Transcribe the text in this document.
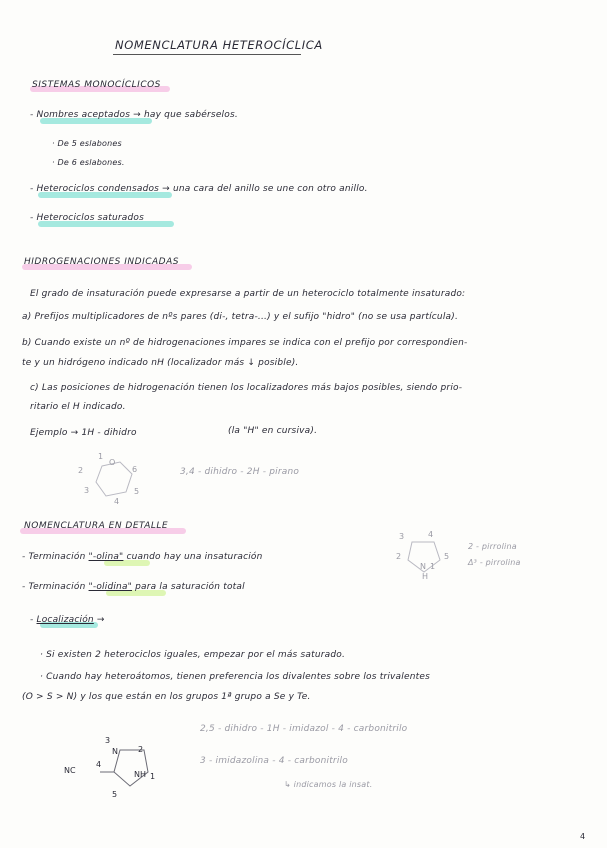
NOMENCLATURA HETEROCÍCLICA
SISTEMAS MONOCÍCLICOS
- Nombres aceptados → hay que sabérselos.
· De 5 eslabones
· De 6 eslabones.
- Heterociclos condensados → una cara del anillo se une con otro anillo.
- Heterociclos saturados
HIDROGENACIONES INDICADAS
El grado de insaturación puede expresarse a partir de un heterociclo totalmente insaturado:
a) Prefijos multiplicadores de nºs pares (di-, tetra-...) y el sufijo "hidro" (no se usa partícula).
b) Cuando existe un nº de hidrogenaciones impares se indica con el prefijo por correspondien-
te y un hidrógeno indicado nH (localizador más ↓ posible).
c) Las posiciones de hidrogenación tienen los localizadores más bajos posibles, siendo prio-
ritario el H indicado.
Ejemplo → 1H - dihidro	(la "H" en cursiva).
O
1
2
3
4
5
6	3,4 - dihidro - 2H - pirano
NOMENCLATURA EN DETALLE
- Terminación "-olina" cuando hay una insaturación
- Terminación "-olidina" para la saturación total
3	4
2	5
N 1
H
2 - pirrolina
Δ³ - pirrolina
- Localización →
· Si existen 2 heterociclos iguales, empezar por el más saturado.
· Cuando hay heteroátomos, tienen preferencia los divalentes sobre los trivalentes
(O > S > N) y los que están en los grupos 1ª grupo a Se y Te.
3
N	2
4
NH 1
5
NC
2,5 - dihidro - 1H - imidazol - 4 - carbonitrilo
3 - imidazolina - 4 - carbonitrilo
↳ indicamos la insat.
4
